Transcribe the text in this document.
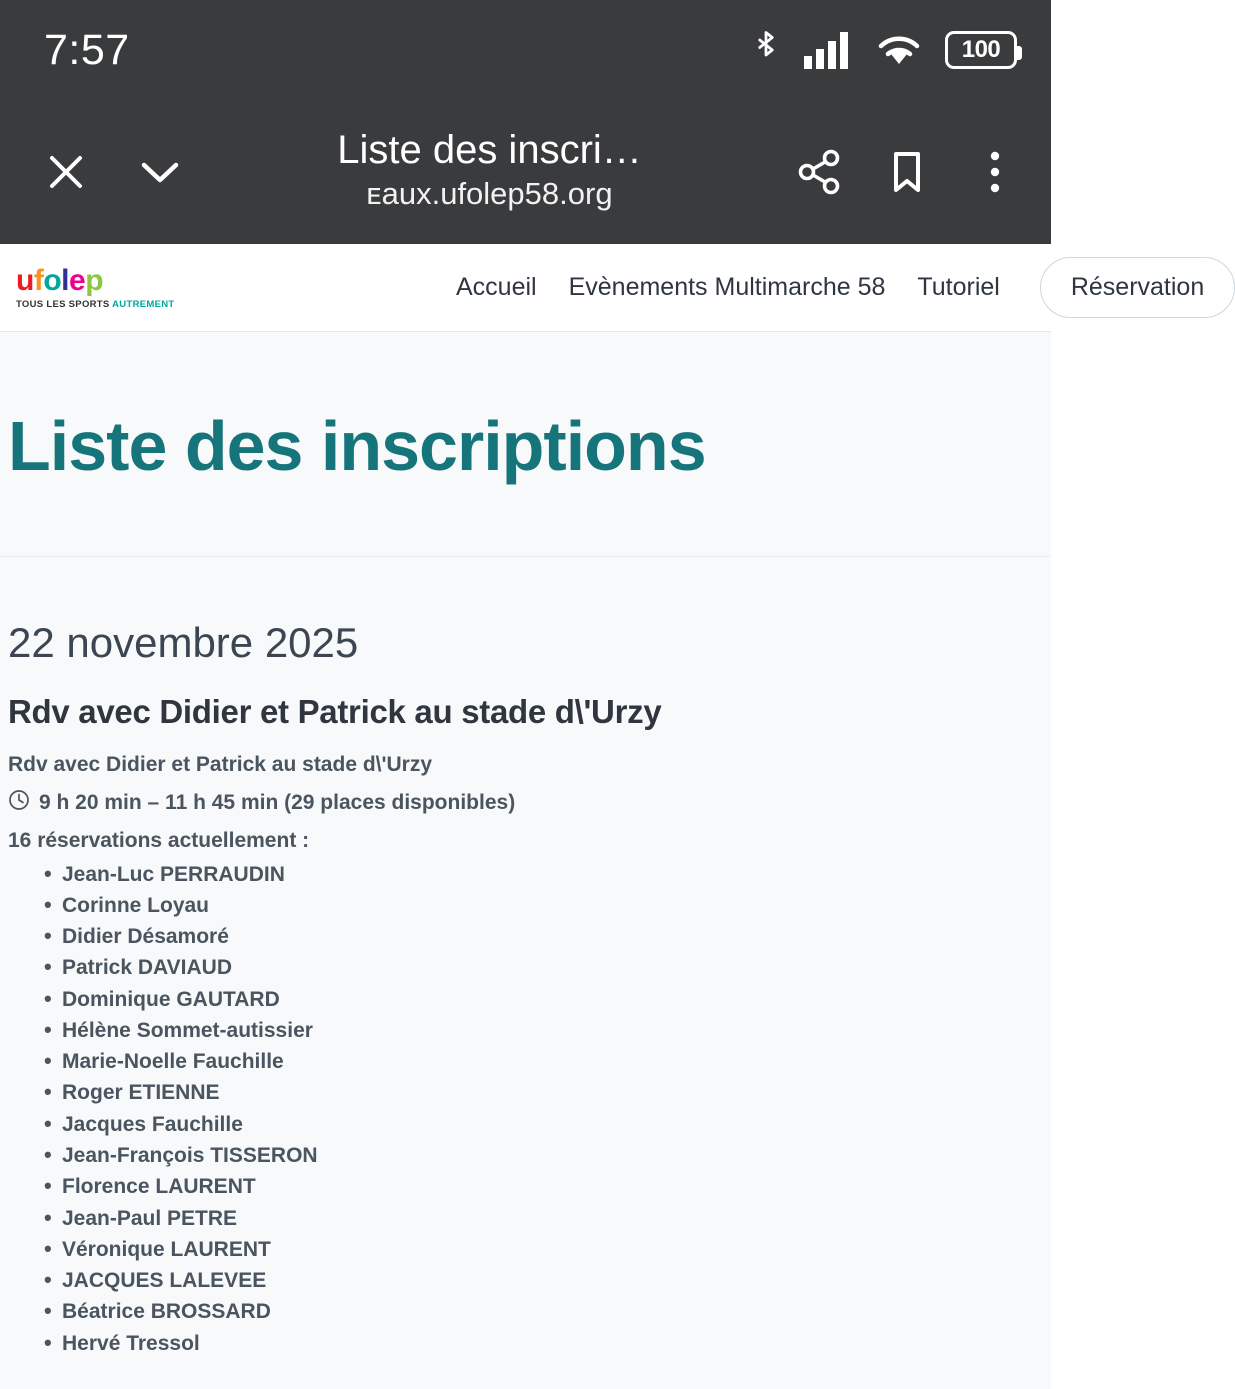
7:57	100
Liste des inscri…
ᴇaux.ufolep58.org
ufolep
TOUS LES SPORTS AUTREMENT
Accueil Evènements Multimarche 58 Tutoriel	Réservation
Liste des inscriptions
22 novembre 2025
Rdv avec Didier et Patrick au stade d\'Urzy
Rdv avec Didier et Patrick au stade d\'Urzy
9 h 20 min – 11 h 45 min (29 places disponibles)
16 réservations actuellement :
• Jean-Luc PERRAUDIN
• Corinne Loyau
• Didier Désamoré
• Patrick DAVIAUD
• Dominique GAUTARD
• Hélène Sommet-autissier
• Marie-Noelle Fauchille
• Roger ETIENNE
• Jacques Fauchille
• Jean-François TISSERON
• Florence LAURENT
• Jean-Paul PETRE
• Véronique LAURENT
• JACQUES LALEVEE
• Béatrice BROSSARD
• Hervé Tressol
